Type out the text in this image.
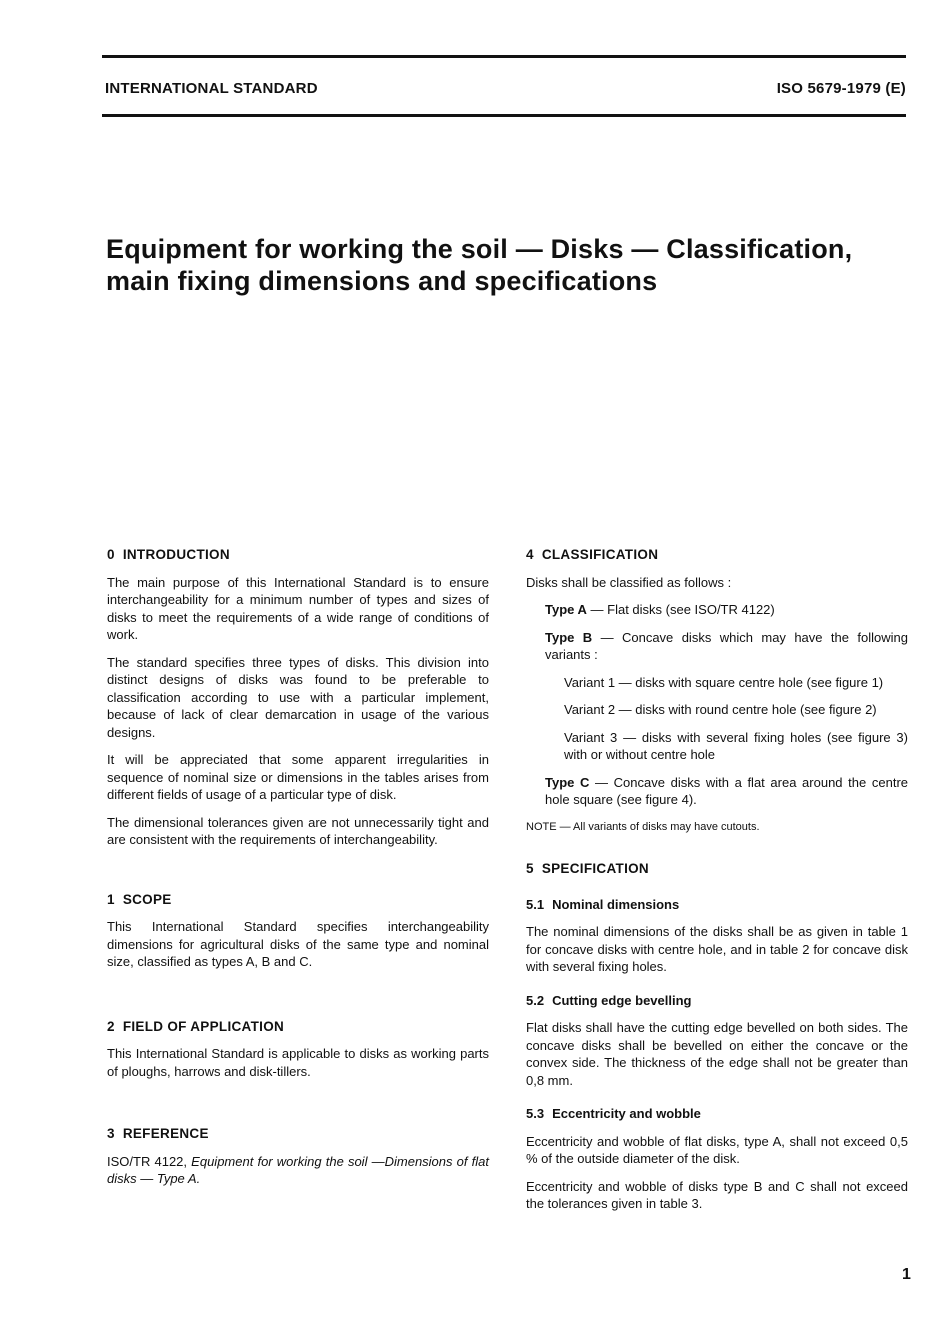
INTERNATIONAL STANDARD	ISO 5679-1979 (E)
Equipment for working the soil — Disks — Classification,
main fixing dimensions and specifications
0 INTRODUCTION

The main purpose of this International Standard is to ensure interchangeability for a minimum number of types and sizes of disks to meet the requirements of a wide range of conditions of work.

The standard specifies three types of disks. This division into distinct designs of disks was found to be preferable to classification according to use with a particular implement, because of lack of clear demarcation in usage of the various designs.

It will be appreciated that some apparent irregularities in sequence of nominal size or dimensions in the tables arises from different fields of usage of a particular type of disk.

The dimensional tolerances given are not unnecessarily tight and are consistent with the requirements of interchangeability.

1 SCOPE

This International Standard specifies interchangeability dimensions for agricultural disks of the same type and nominal size, classified as types A, B and C.

2 FIELD OF APPLICATION

This International Standard is applicable to disks as working parts of ploughs, harrows and disk-tillers.

3 REFERENCE

ISO/TR 4122, Equipment for working the soil —Dimensions of flat disks — Type A.

4 CLASSIFICATION

Disks shall be classified as follows :

Type A — Flat disks (see ISO/TR 4122)

Type B — Concave disks which may have the following variants :

Variant 1 — disks with square centre hole (see figure 1)

Variant 2 — disks with round centre hole (see figure 2)

Variant 3 — disks with several fixing holes (see figure 3) with or without centre hole

Type C — Concave disks with a flat area around the centre hole square (see figure 4).

NOTE — All variants of disks may have cutouts.

5 SPECIFICATION
5.1 Nominal dimensions

The nominal dimensions of the disks shall be as given in table 1 for concave disks with centre hole, and in table 2 for concave disk with several fixing holes.

5.2 Cutting edge bevelling

Flat disks shall have the cutting edge bevelled on both sides. The concave disks shall be bevelled on either the concave or the convex side. The thickness of the edge shall not be greater than 0,8 mm.

5.3 Eccentricity and wobble

Eccentricity and wobble of flat disks, type A, shall not exceed 0,5 % of the outside diameter of the disk.

Eccentricity and wobble of disks type B and C shall not exceed the tolerances given in table 3.

1
